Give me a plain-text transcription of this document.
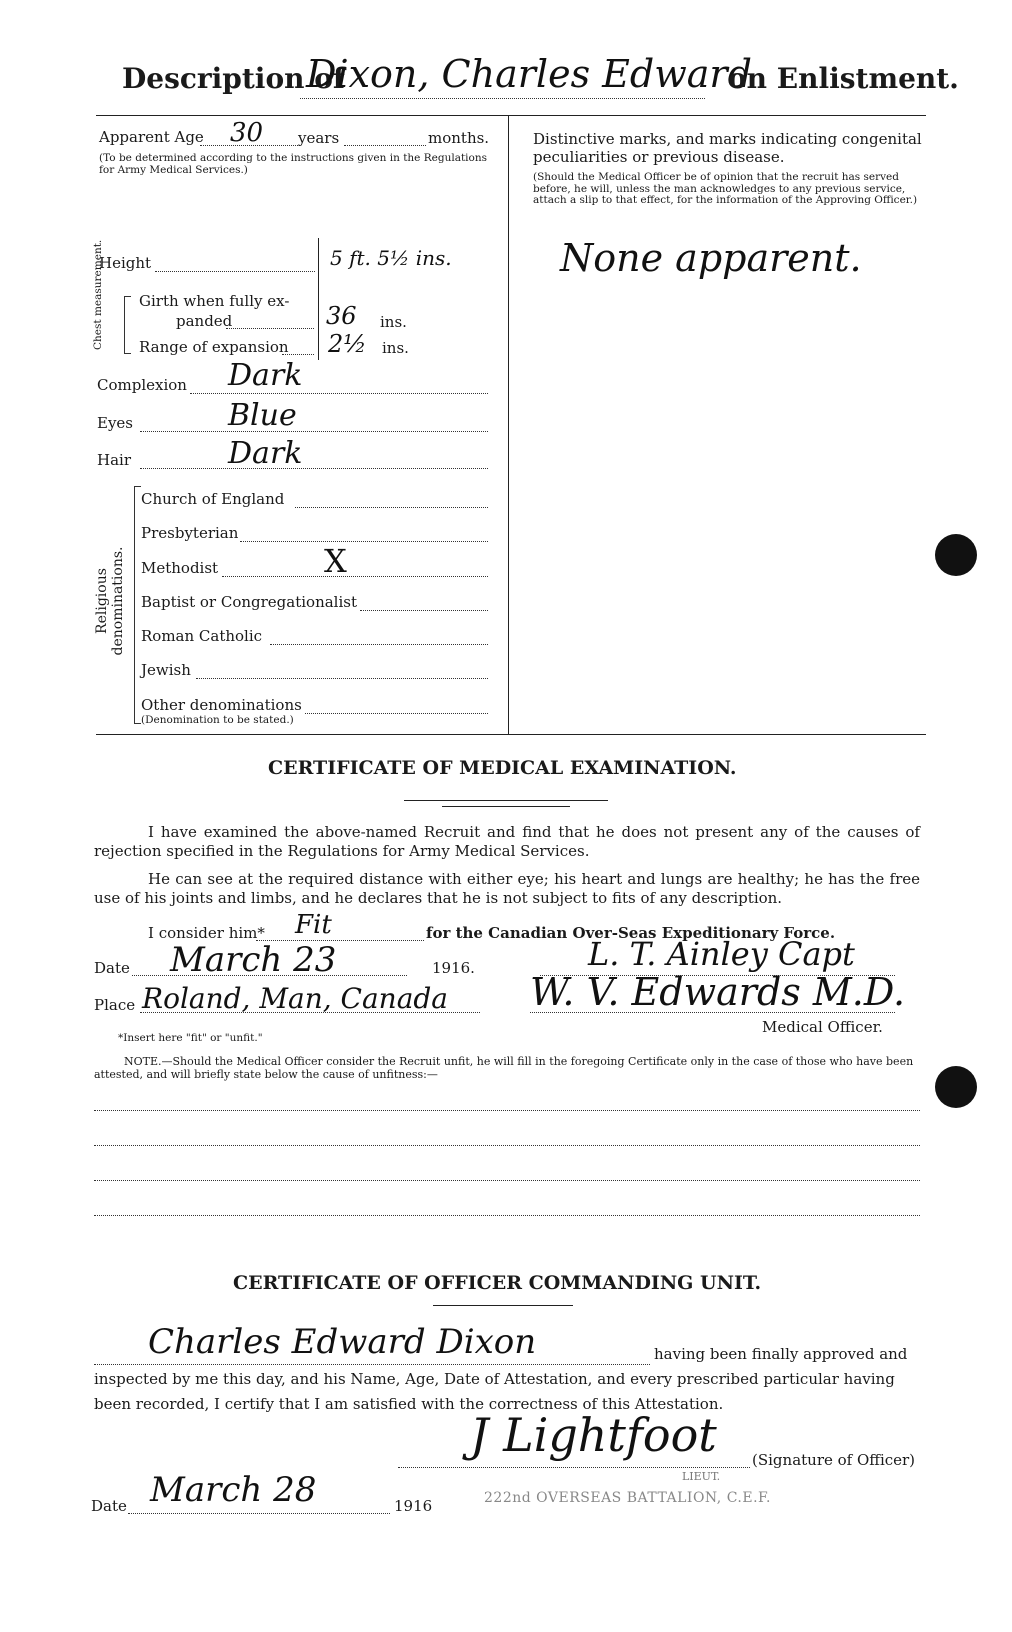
Description of
Dixon, Charles Edward
on Enlistment.
Apparent Age 30 years	months.
(To be determined according to the instructions given in the Regulations for Army Medical Services.)
Height	5 ft. 5½ ins.
Chest measurement. Girth when fully ex-
panded	36 ins.
Range of expansion 2½ ins.
Complexion Dark
Eyes	Blue
Hair	Dark
Religious denominations.
Church of England
Presbyterian
Methodist	X
Baptist or Congregationalist
Roman Catholic
Jewish
Other denominations
(Denomination to be stated.)
Distinctive marks, and marks indicating congenital
peculiarities or previous disease.
(Should the Medical Officer be of opinion that the recruit has served before, he will, unless the man acknowledges to any previous service, attach a slip to that effect, for the information of the Approving Officer.)
None apparent.
CERTIFICATE OF MEDICAL EXAMINATION.
I have examined the above-named Recruit and find that he does not present any of the causes of rejection specified in the Regulations for Army Medical Services.
He can see at the required distance with either eye; his heart and lungs are healthy; he has the free use of his joints and limbs, and he declares that he is not subject to fits of any description.
I consider him* Fit	for the Canadian Over-Seas Expeditionary Force.
Date March 23	1916.	L. T. Ainley Capt
Place Roland, Man, Canada W. V. Edwards M.D.
Medical Officer.
*Insert here "fit" or "unfit."
NOTE.—Should the Medical Officer consider the Recruit unfit, he will fill in the foregoing Certificate only in the case of those who have been attested, and will briefly state below the cause of unfitness:—
CERTIFICATE OF OFFICER COMMANDING UNIT.
Charles Edward Dixon	having been finally approved and
inspected by me this day, and his Name, Age, Date of Attestation, and every prescribed particular having
been recorded, I certify that I am satisfied with the correctness of this Attestation.
J Lightfoot (Signature of Officer)
LIEUT.
222nd OVERSEAS BATTALION, C.E.F.
Date March 28	1916
